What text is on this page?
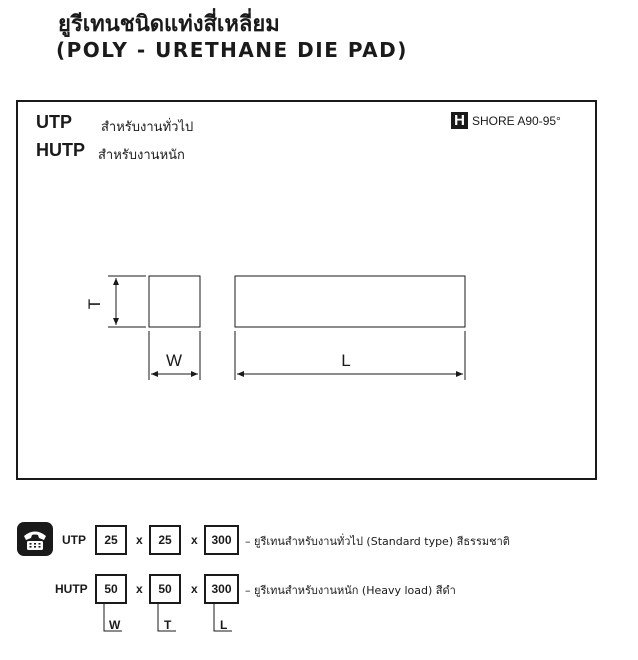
ยูรีเทนชนิดแท่งสี่เหลี่ยม
(POLY - URETHANE DIE PAD)
UTP สำหรับงานทั่วไป
HUTP สำหรับงานหนัก
H SHORE A90-95°
T
W	L
UTP	25	x	25	x	300	– ยูรีเทนสำหรับงานทั่วไป (Standard type) สีธรรมชาติ
HUTP	50	x	50	x	300	– ยูรีเทนสำหรับงานหนัก (Heavy load) สีดำ
W	T	L
